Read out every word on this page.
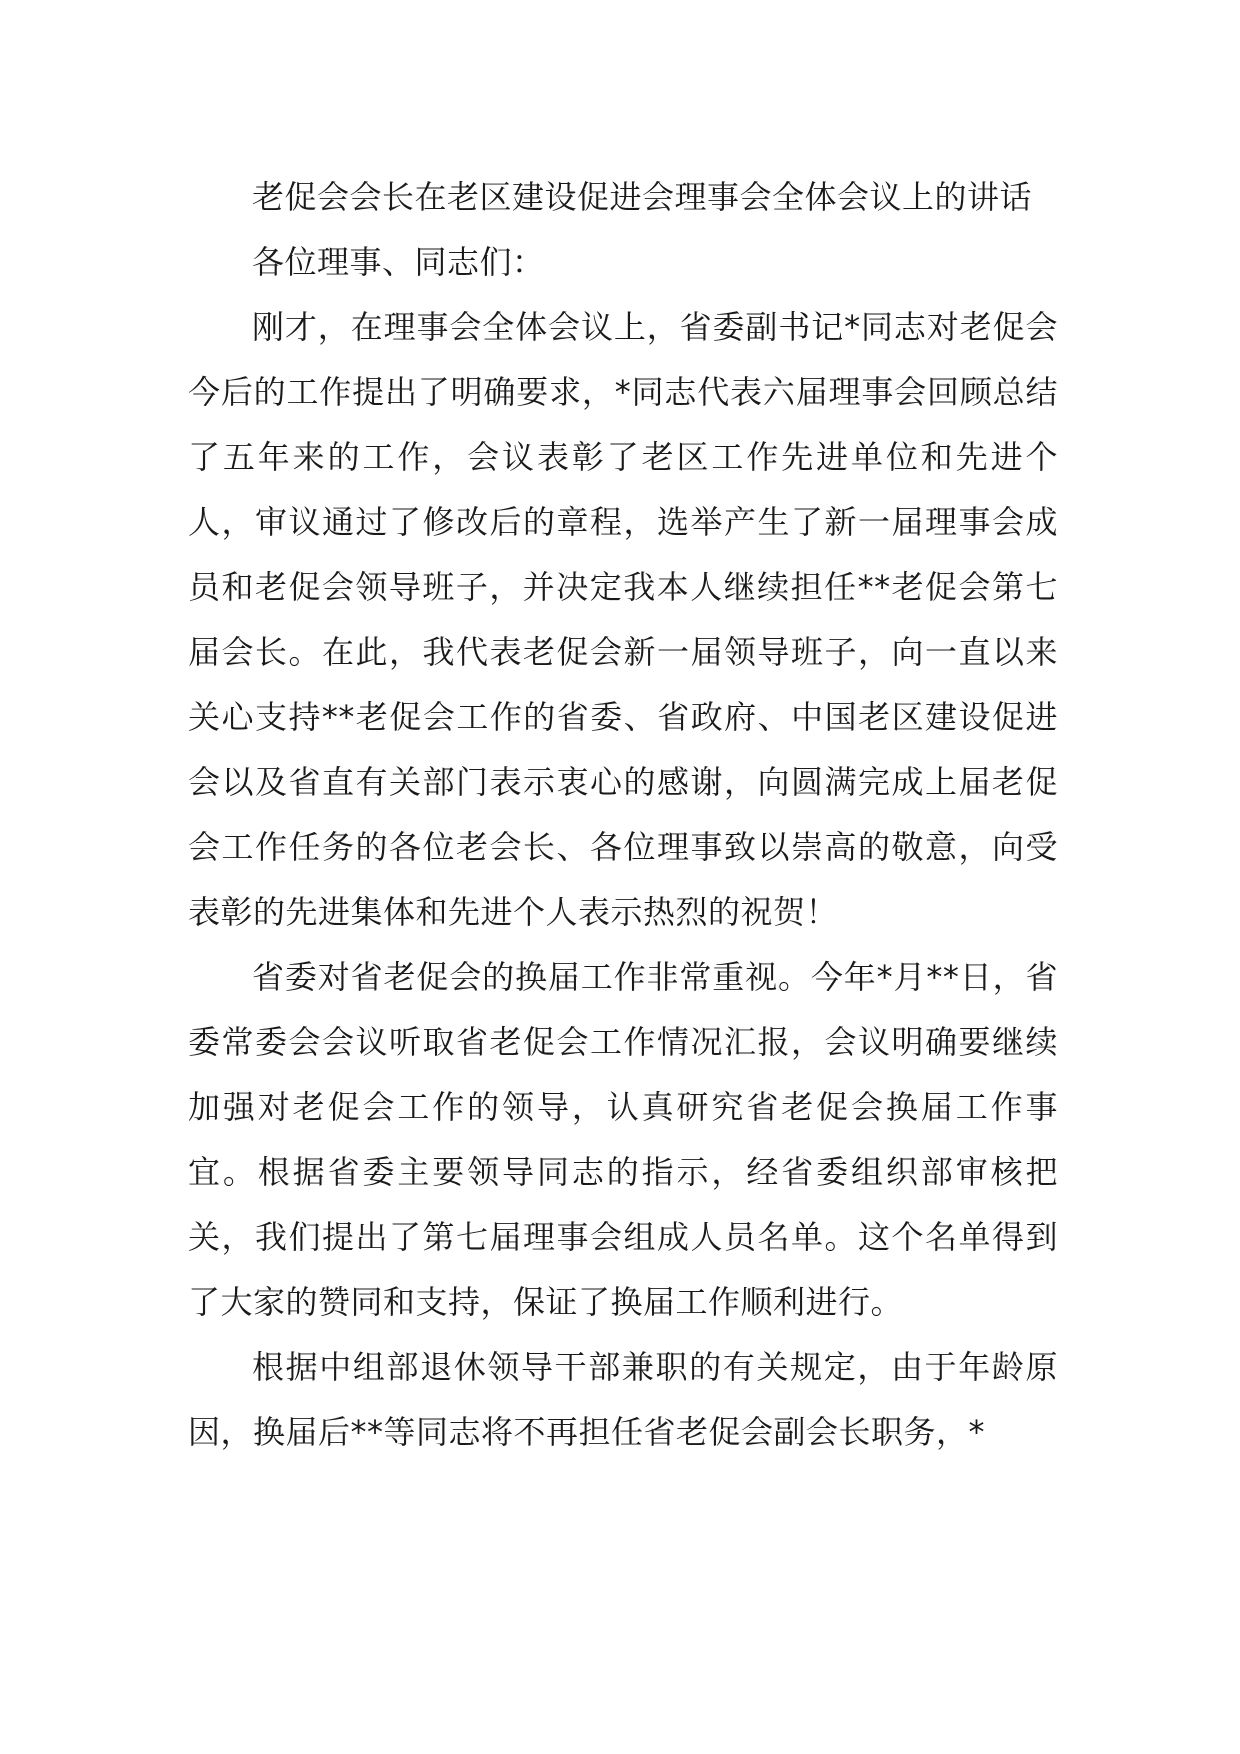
老促会会长在老区建设促进会理事会全体会议上的讲话

各位理事、同志们：

刚才，在理事会全体会议上，省委副书记*同志对老促会今后的工作提出了明确要求，*同志代表六届理事会回顾总结了五年来的工作，会议表彰了老区工作先进单位和先进个人，审议通过了修改后的章程，选举产生了新一届理事会成员和老促会领导班子，并决定我本人继续担任**老促会第七届会长。在此，我代表老促会新一届领导班子，向一直以来关心支持**老促会工作的省委、省政府、中国老区建设促进会以及省直有关部门表示衷心的感谢，向圆满完成上届老促会工作任务的各位老会长、各位理事致以崇高的敬意，向受表彰的先进集体和先进个人表示热烈的祝贺！

省委对省老促会的换届工作非常重视。今年*月**日，省委常委会会议听取省老促会工作情况汇报，会议明确要继续加强对老促会工作的领导，认真研究省老促会换届工作事宜。根据省委主要领导同志的指示，经省委组织部审核把关，我们提出了第七届理事会组成人员名单。这个名单得到了大家的赞同和支持，保证了换届工作顺利进行。

根据中组部退休领导干部兼职的有关规定，由于年龄原因，换届后**等同志将不再担任省老促会副会长职务，*
